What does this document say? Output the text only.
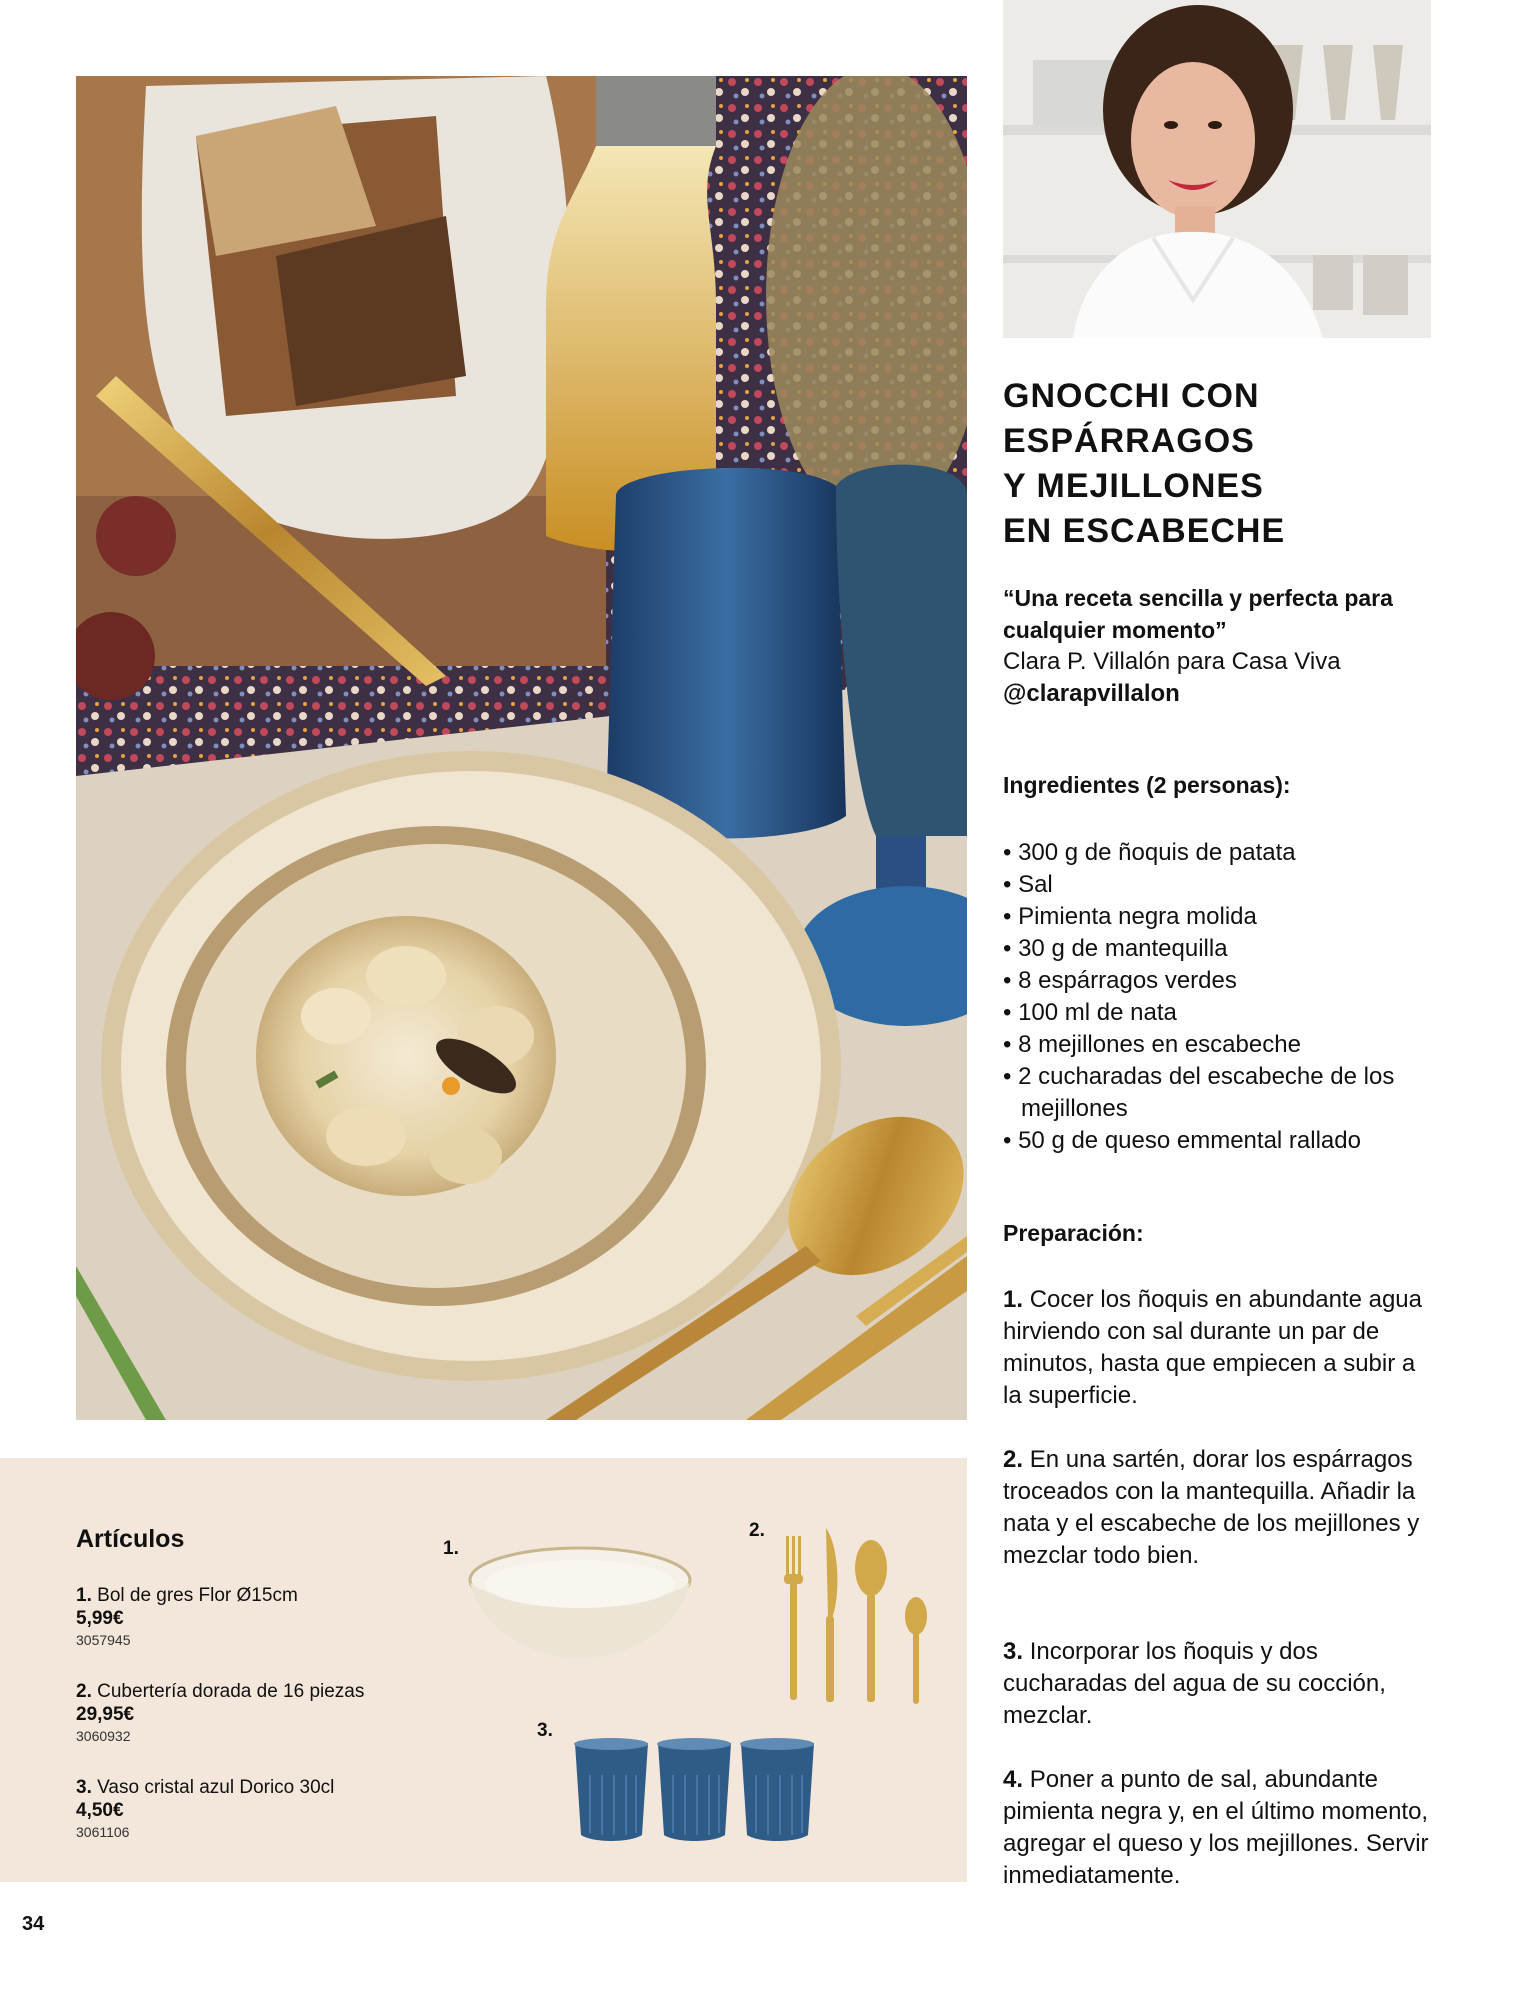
GNOCCHI CON
ESPÁRRAGOS
Y MEJILLONES
EN ESCABECHE
“Una receta sencilla y perfecta para cualquier momento”
Clara P. Villalón para Casa Viva
@clarapvillalon
Ingredientes (2 personas):
• 300 g de ñoquis de patata
• Sal
• Pimienta negra molida
• 30 g de mantequilla
• 8 espárragos verdes
• 100 ml de nata
• 8 mejillones en escabeche
• 2 cucharadas del escabeche de los mejillones
• 50 g de queso emmental rallado
Preparación:

1. Cocer los ñoquis en abundante agua hirviendo con sal durante un par de minutos, hasta que empiecen a subir a la superficie.

2. En una sartén, dorar los espárragos troceados con la mantequilla. Añadir la nata y el escabeche de los mejillones y mezclar todo bien.

3. Incorporar los ñoquis y dos cucharadas del agua de su cocción, mezclar.

4. Poner a punto de sal, abundante pimienta negra y, en el último momento, agregar el queso y los mejillones. Servir inmediatamente.

Artículos
1. Bol de gres Flor Ø15cm
5,99€
3057945
2. Cubertería dorada de 16 piezas
29,95€
3060932
3. Vaso cristal azul Dorico 30cl
4,50€
3061106
1.
2.
3.
34
